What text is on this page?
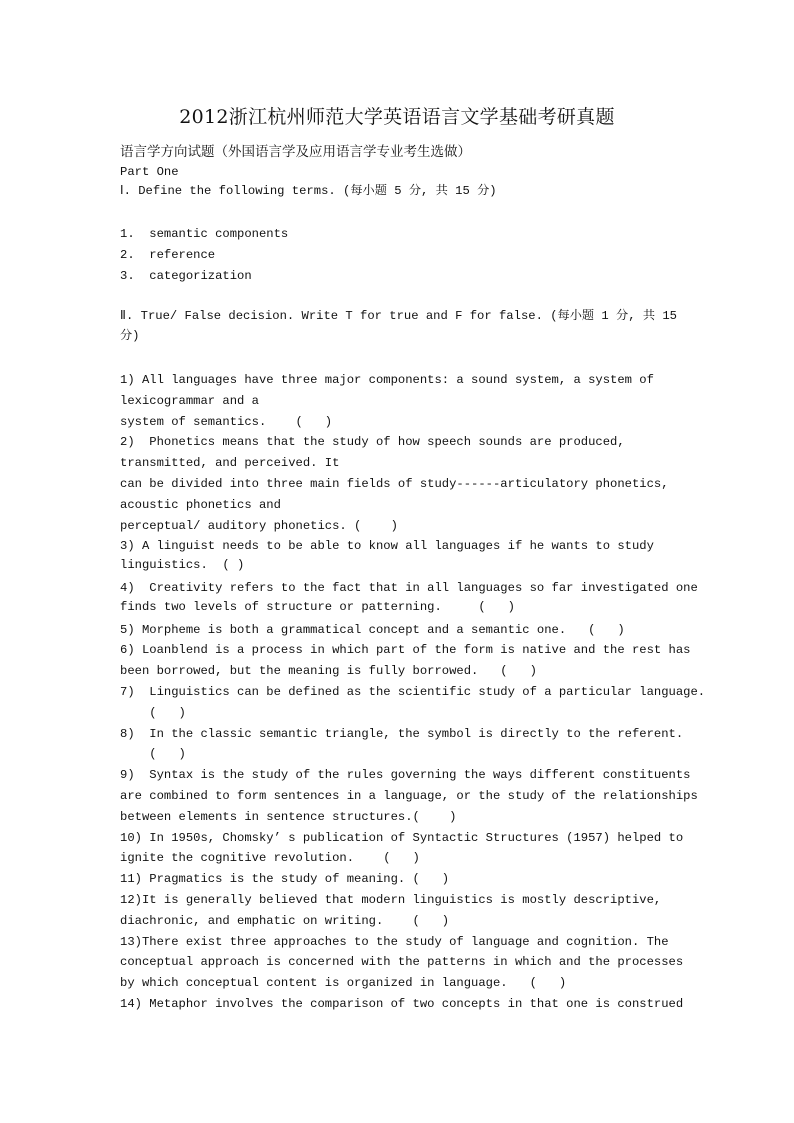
2012浙江杭州师范大学英语语言文学基础考研真题
语言学方向试题（外国语言学及应用语言学专业考生选做）
Part One
Ⅰ. Define the following terms. (每小题 5 分, 共 15 分)
1.  semantic components
2.  reference
3.  categorization
Ⅱ. True/ False decision. Write T for true and F for false. (每小题 1 分, 共 15
分)
1) All languages have three major components: a sound system, a system of
lexicogrammar and a
system of semantics.    (   )
2)  Phonetics means that the study of how speech sounds are produced,
transmitted, and perceived. It
can be divided into three main fields of study------articulatory phonetics,
acoustic phonetics and
perceptual/ auditory phonetics. (    )
3) A linguist needs to be able to know all languages if he wants to study
linguistics.  ( )
4)  Creativity refers to the fact that in all languages so far investigated one
finds two levels of structure or patterning.     (   )
5) Morpheme is both a grammatical concept and a semantic one.   (   )
6) Loanblend is a process in which part of the form is native and the rest has
been borrowed, but the meaning is fully borrowed.   (   )
7)  Linguistics can be defined as the scientific study of a particular language.
(   )
8)  In the classic semantic triangle, the symbol is directly to the referent.
(   )
9)  Syntax is the study of the rules governing the ways different constituents
are combined to form sentences in a language, or the study of the relationships
between elements in sentence structures.(    )
10) In 1950s, Chomsky’ s publication of Syntactic Structures (1957) helped to
ignite the cognitive revolution.    (   )
11) Pragmatics is the study of meaning. (   )
12)It is generally believed that modern linguistics is mostly descriptive,
diachronic, and emphatic on writing.    (   )
13)There exist three approaches to the study of language and cognition. The
conceptual approach is concerned with the patterns in which and the processes
by which conceptual content is organized in language.   (   )
14) Metaphor involves the comparison of two concepts in that one is construed
